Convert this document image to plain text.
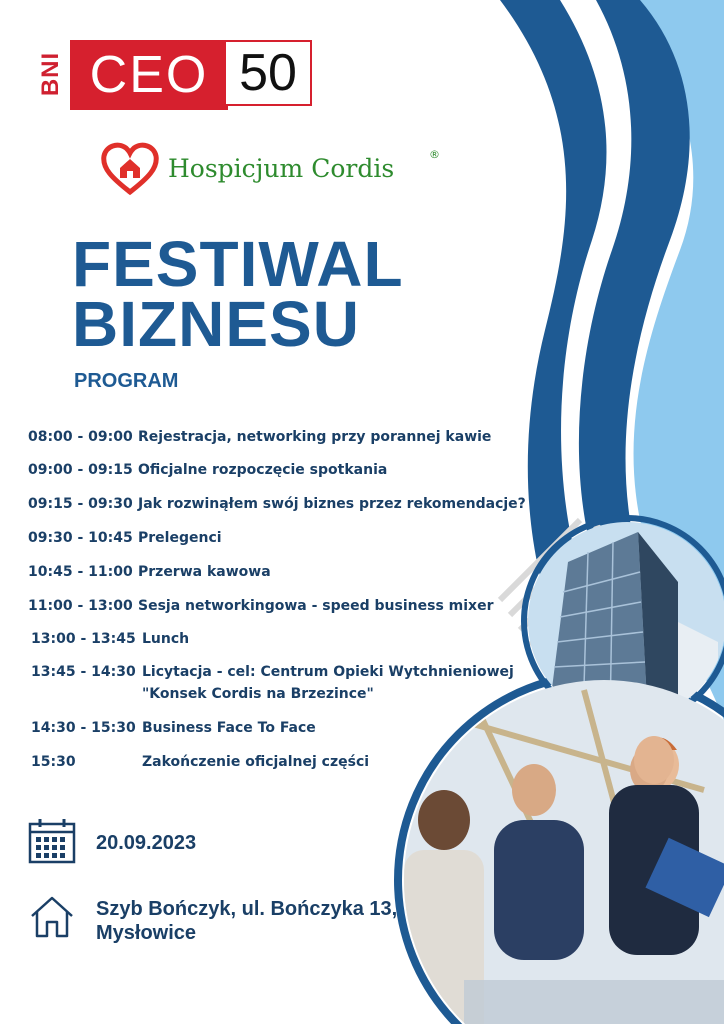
BNI CEO 50
Hospicjum Cordis	®
FESTIWAL
BIZNESU
PROGRAM
08:00 - 09:00 Rejestracja, networking przy porannej kawie
09:00 - 09:15 Oficjalne rozpoczęcie spotkania
09:15 - 09:30 Jak rozwinąłem swój biznes przez rekomendacje?
09:30 - 10:45 Prelegenci
10:45 - 11:00 Przerwa kawowa
11:00 - 13:00 Sesja networkingowa - speed business mixer
13:00 - 13:45 Lunch
13:45 - 14:30 Licytacja - cel: Centrum Opieki Wytchnieniowej
"Konsek Cordis na Brzezince"
14:30 - 15:30 Business Face To Face
15:30	Zakończenie oficjalnej części
20.09.2023
Szyb Bończyk, ul. Bończyka 13,
Mysłowice
